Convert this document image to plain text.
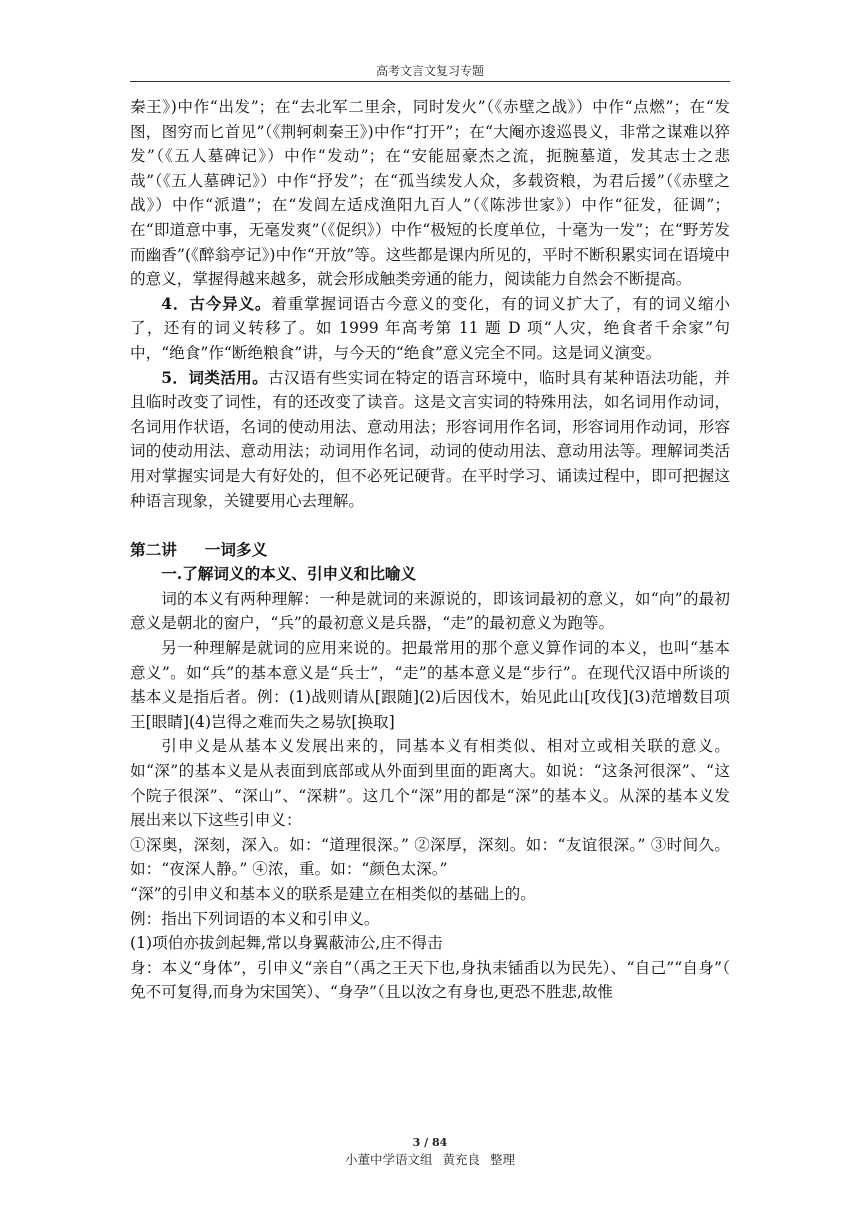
高考文言文复习专题

秦王》)中作“出发”；在“去北军二里余，同时发火”（《赤壁之战》）中作“点燃”；在“发图，图穷而匕首见”（《荆轲刺秦王》)中作“打开”；在“大阉亦逡巡畏义，非常之谋难以猝发”（《五人墓碑记》）中作“发动”；在“安能屈豪杰之流，扼腕墓道，发其志士之悲哉”（《五人墓碑记》）中作“抒发”；在“孤当续发人众，多载资粮，为君后援”（《赤壁之战》）中作“派遣”；在“发闾左适戍渔阳九百人”（《陈涉世家》）中作“征发，征调”；在“即道意中事，无毫发爽”（《促织》）中作“极短的长度单位，十毫为一发”；在“野芳发而幽香”(《醉翁亭记》)中作“开放”等。这些都是课内所见的，平时不断积累实词在语境中的意义，掌握得越来越多，就会形成触类旁通的能力，阅读能力自然会不断提高。

4．古今异义。着重掌握词语古今意义的变化，有的词义扩大了，有的词义缩小了，还有的词义转移了。如 1999 年高考第 11 题 D 项“人灾，绝食者千余家”句中，“绝食”作“断绝粮食”讲，与今天的“绝食”意义完全不同。这是词义演变。

5．词类活用。古汉语有些实词在特定的语言环境中，临时具有某种语法功能，并且临时改变了词性，有的还改变了读音。这是文言实词的特殊用法，如名词用作动词，名词用作状语，名词的使动用法、意动用法；形容词用作名词，形容词用作动词，形容词的使动用法、意动用法；动词用作名词，动词的使动用法、意动用法等。理解词类活用对掌握实词是大有好处的，但不必死记硬背。在平时学习、诵读过程中，即可把握这种语言现象，关键要用心去理解。

第二讲 一词多义

一.了解词义的本义、引申义和比喻义

词的本义有两种理解：一种是就词的来源说的，即该词最初的意义，如“向”的最初意义是朝北的窗户，“兵”的最初意义是兵器，“走”的最初意义为跑等。

另一种理解是就词的应用来说的。把最常用的那个意义算作词的本义，也叫“基本意义”。如“兵”的基本意义是“兵士”，“走”的基本意义是“步行”。在现代汉语中所谈的基本义是指后者。例：(1)战则请从[跟随](2)后因伐木，始见此山[攻伐](3)范增数目项王[眼睛](4)岂得之难而失之易欤[换取]

引申义是从基本义发展出来的，同基本义有相类似、相对立或相关联的意义。如“深”的基本义是从表面到底部或从外面到里面的距离大。如说：“这条河很深”、“这个院子很深”、“深山”、“深耕”。这几个“深”用的都是“深”的基本义。从深的基本义发展出来以下这些引申义：

①深奥，深刻，深入。如：“道理很深。” ②深厚，深刻。如：“友谊很深。” ③时间久。如：“夜深人静。” ④浓，重。如：“颜色太深。”

“深”的引申义和基本义的联系是建立在相类似的基础上的。

例：指出下列词语的本义和引申义。

(1)项伯亦拔剑起舞,常以身翼蔽沛公,庄不得击

身：本义“身体”，引申义“亲自”（禹之王天下也,身执耒锸臿以为民先）、“自己”“自身”（ 免不可复得,而身为宋国笑）、“身孕”（且以汝之有身也,更恐不胜悲,故惟

3 / 84
小董中学语文组 黄充良 整理
